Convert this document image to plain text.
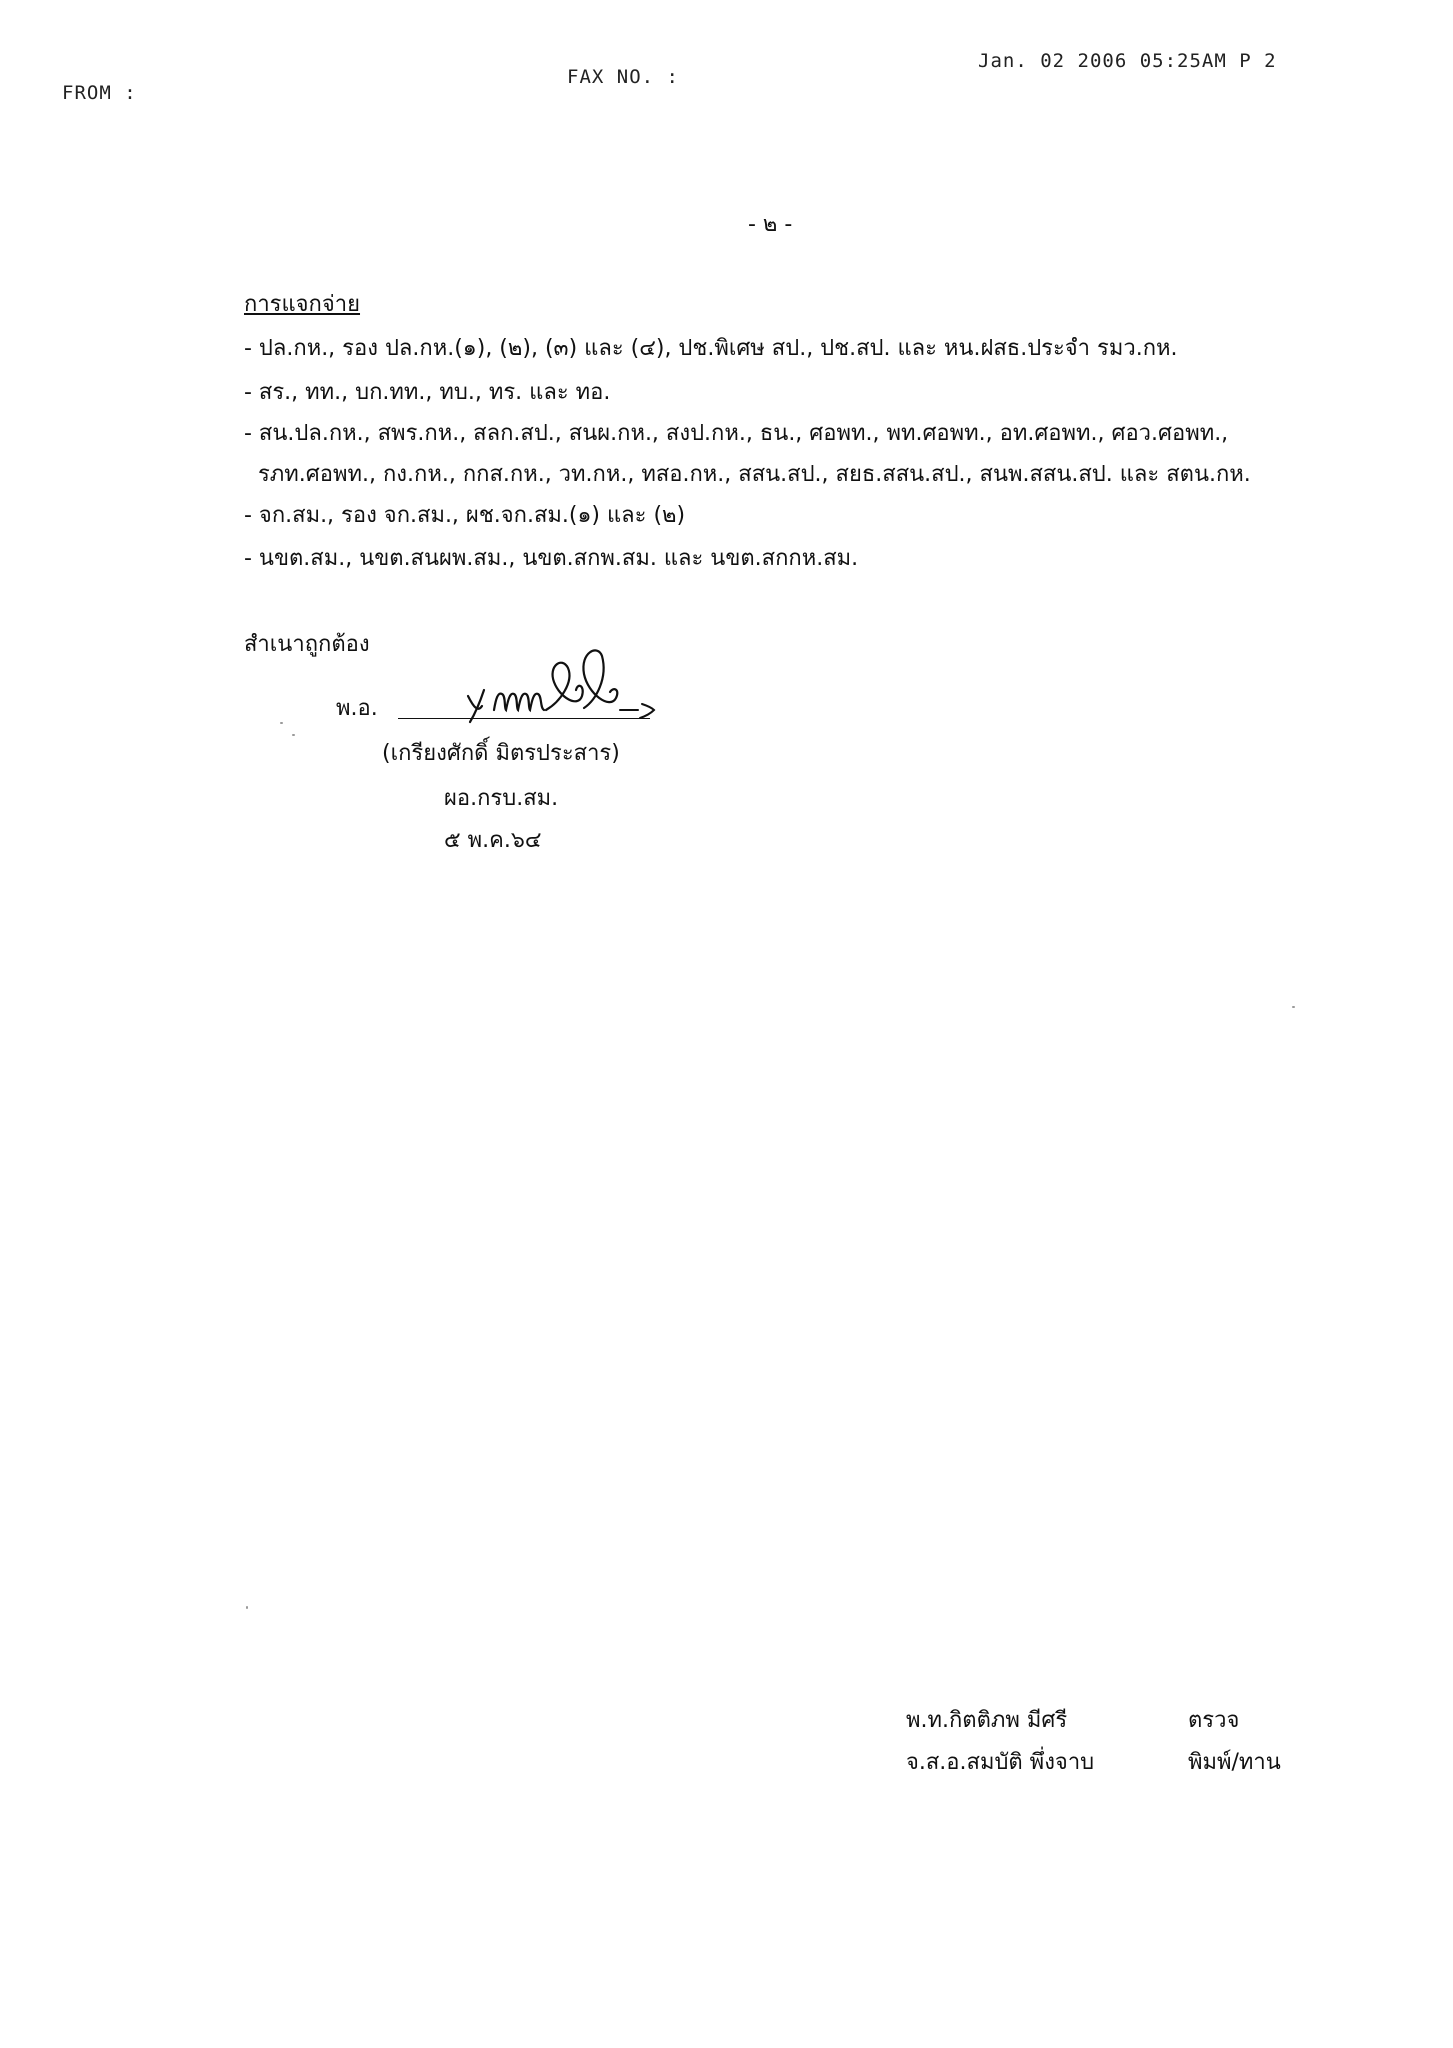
FROM :
FAX NO. :
Jan. 02 2006 05:25AM P 2
- ๒ -
การแจกจ่าย
- ปล.กห., รอง ปล.กห.(๑), (๒), (๓) และ (๔), ปช.พิเศษ สป., ปช.สป. และ หน.ฝสธ.ประจำ รมว.กห.
- สร., ทท., บก.ทท., ทบ., ทร. และ ทอ.
- สน.ปล.กห., สพร.กห., สลก.สป., สนผ.กห., สงป.กห., ธน., ศอพท., พท.ศอพท., อท.ศอพท., ศอว.ศอพท.,
รภท.ศอพท., กง.กห., กกส.กห., วท.กห., ทสอ.กห., สสน.สป., สยธ.สสน.สป., สนพ.สสน.สป. และ สตน.กห.
- จก.สม., รอง จก.สม., ผช.จก.สม.(๑) และ (๒)
- นขต.สม., นขต.สนผพ.สม., นขต.สกพ.สม. และ นขต.สกกห.สม.
สำเนาถูกต้อง
พ.อ.
(เกรียงศักดิ์ มิตรประสาร)
ผอ.กรบ.สม.
๕ พ.ค.๖๔
พ.ท.กิตติภพ มีศรี	ตรวจ
จ.ส.อ.สมบัติ พึ่งจาบ	พิมพ์/ทาน
